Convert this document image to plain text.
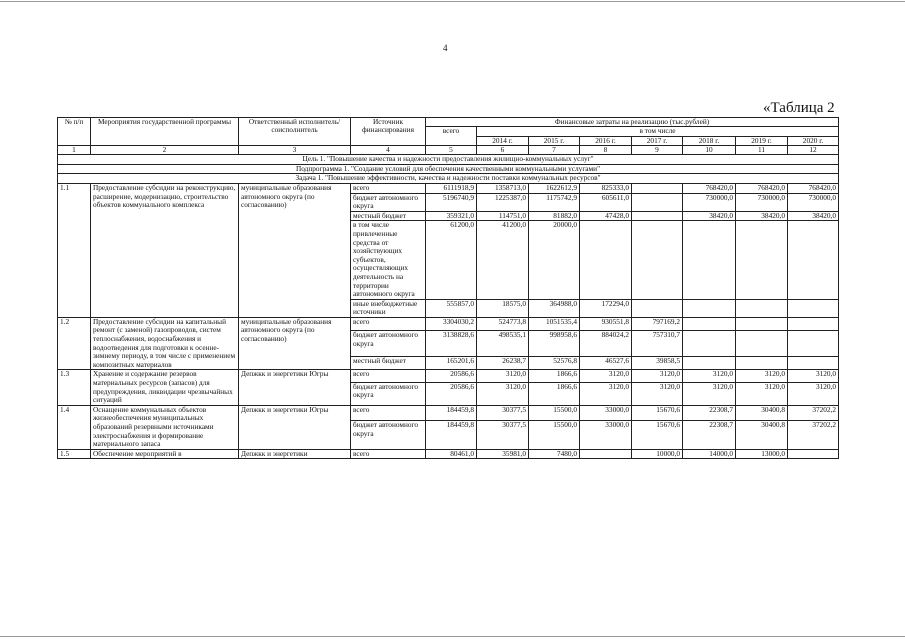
4
«Таблица 2
№ п/п	Мероприятия государственной программы	Ответственный исполнитель/ соисполнитель	Источник финансирования	Финансовые затраты на реализацию (тыс.рублей)							
				всего	в том числе						
					2014 г.	2015 г.	2016 г.	2017 г.	2018 г.	2019 г.	2020 г.
1	2	3	4	5	6	7	8	9	10	11	12
Цель 1. "Повышение качества и надежности предоставления жилищно-коммунальных услуг"											
Подпрограмма 1. "Создание условий для обеспечения качественными коммунальными услугами"											
Задача 1. "Повышение эффективности, качества и надежности поставки коммунальных ресурсов"											
1.1	Предоставление субсидии на реконструкцию, расширение, модернизацию, строительство объектов коммунального комплекса	муниципальные образования автономного округа (по согласованию)	всего	6111918,9	1358713,0	1622612,9	825333,0		768420,0	768420,0	768420,0
			бюджет автономного округа	5196740,9	1225387,0	1175742,9	605611,0		730000,0	730000,0	730000,0
			местный бюджет	359321,0	114751,0	81882,0	47428,0		38420,0	38420,0	38420,0
			в том числе привлеченные средства от хозяйствующих субъектов, осуществляющих деятельность на территории автономного округа	61200,0	41200,0	20000,0					
			иные внебюджетные источники	555857,0	18575,0	364988,0	172294,0				
1.2	Предоставление субсидии на капитальный ремонт (с заменой) газопроводов, систем теплоснабжения, водоснабжения и водоотведения для подготовки к осенне-зимнему периоду, в том числе с применением композитных материалов	муниципальные образования автономного округа (по согласованию)	всего	3304030,2	524773,8	1051535,4	930551,8	797169,2			
			бюджет автономного округа	3138828,6	498535,1	998958,6	884024,2	757310,7			
			местный бюджет	165201,6	26238,7	52576,8	46527,6	39858,5			
1.3	Хранение и содержание резервов материальных ресурсов (запасов) для предупреждения, ликвидации чрезвычайных ситуаций	Депжкк и энергетики Югры	всего	20586,6	3120,0	1866,6	3120,0	3120,0	3120,0	3120,0	3120,0
			бюджет автономного округа	20586,6	3120,0	1866,6	3120,0	3120,0	3120,0	3120,0	3120,0
1.4	Оснащение коммунальных объектов жизнеобеспечения муниципальных образований резервными источниками электроснабжения и формирование материального запаса	Депжкк и энергетики Югры	всего	184459,8	30377,5	15500,0	33000,0	15670,6	22308,7	30400,8	37202,2
			бюджет автономного округа	184459,8	30377,5	15500,0	33000,0	15670,6	22308,7	30400,8	37202,2
1.5	Обеспечение мероприятий в	Депжкк и энергетики	всего	80461,0	35981,0	7480,0		10000,0	14000,0	13000,0	
